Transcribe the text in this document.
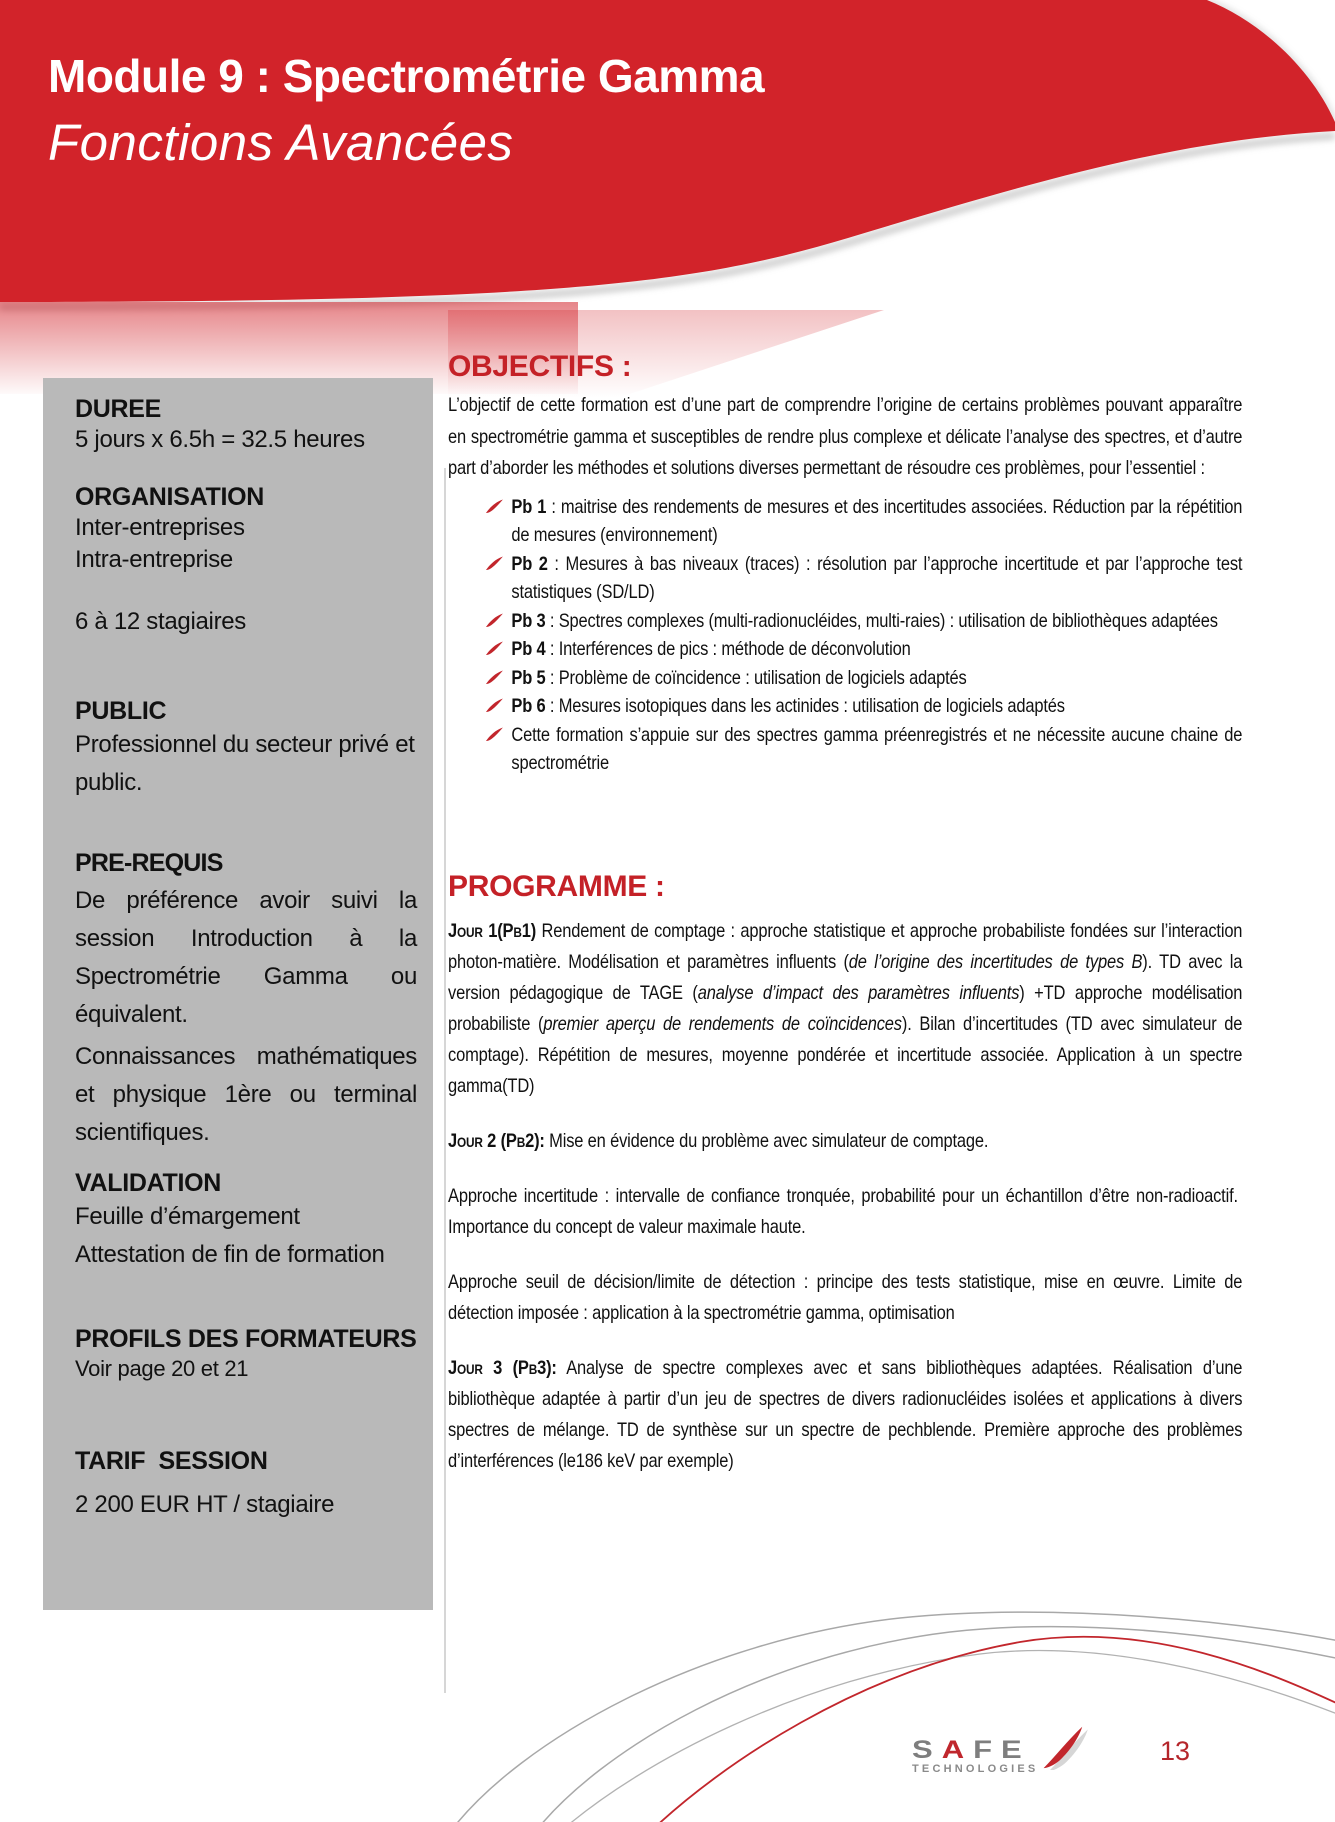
Module 9 : Spectrométrie Gamma
Fonctions Avancées
DUREE
5 jours x 6.5h = 32.5 heures
ORGANISATION
Inter-entreprises
Intra-entreprise
6 à 12 stagiaires
PUBLIC
Professionnel du secteur privé et public.
PRE-REQUIS
De préférence avoir suivi la session Introduction à la Spectrométrie Gamma ou équivalent.
Connaissances mathématiques et physique 1ère ou terminal scientifiques.
VALIDATION
Feuille d’émargement
Attestation de fin de formation
PROFILS DES FORMATEURS
Voir page 20 et 21
TARIF  SESSION
2 200 EUR HT / stagiaire
OBJECTIFS :

L’objectif de cette formation est d’une part de comprendre l’origine de certains problèmes pouvant apparaître en spectrométrie gamma et susceptibles de rendre plus complexe et délicate l’analyse des spectres, et d’autre part d’aborder les méthodes et solutions diverses permettant de résoudre ces problèmes, pour l’essentiel :

Pb 1 : maitrise des rendements de mesures et des incertitudes associées. Réduction par la répétition de mesures (environnement)
Pb 2 : Mesures à bas niveaux (traces) : résolution par l’approche incertitude et par l’approche test statistiques (SD/LD)
Pb 3 : Spectres complexes (multi-radionucléides, multi-raies) : utilisation de bibliothèques adaptées
Pb 4 : Interférences de pics : méthode de déconvolution
Pb 5 : Problème de coïncidence : utilisation de logiciels adaptés
Pb 6 : Mesures isotopiques dans les actinides : utilisation de logiciels adaptés
Cette formation s’appuie sur des spectres gamma préenregistrés et ne nécessite aucune chaine de spectrométrie
PROGRAMME :

Jour 1(Pb1) Rendement de comptage : approche statistique et approche probabiliste fondées sur l’interaction photon-matière. Modélisation et paramètres influents (de l’origine des incertitudes de types B). TD avec la version pédagogique de TAGE (analyse d’impact des paramètres influents) +TD approche modélisation probabiliste (premier aperçu de rendements de coïncidences). Bilan d’incertitudes (TD avec simulateur de comptage). Répétition de mesures, moyenne pondérée et incertitude associée. Application à un spectre gamma(TD)

Jour 2 (Pb2): Mise en évidence du problème avec simulateur de comptage.

Approche incertitude : intervalle de confiance tronquée, probabilité pour un échantillon d’être non-radioactif.  Importance du concept de valeur maximale haute.

Approche seuil de décision/limite de détection : principe des tests statistique, mise en œuvre. Limite de détection imposée : application à la spectrométrie gamma, optimisation

Jour 3 (Pb3): Analyse de spectre complexes avec et sans bibliothèques adaptées. Réalisation d’une bibliothèque adaptée à partir d’un jeu de spectres de divers radionucléides isolées et applications à divers spectres de mélange. TD de synthèse sur un spectre de pechblende. Première approche des problèmes d’interférences (le186 keV par exemple)

SAFE
TECHNOLOGIES
13
